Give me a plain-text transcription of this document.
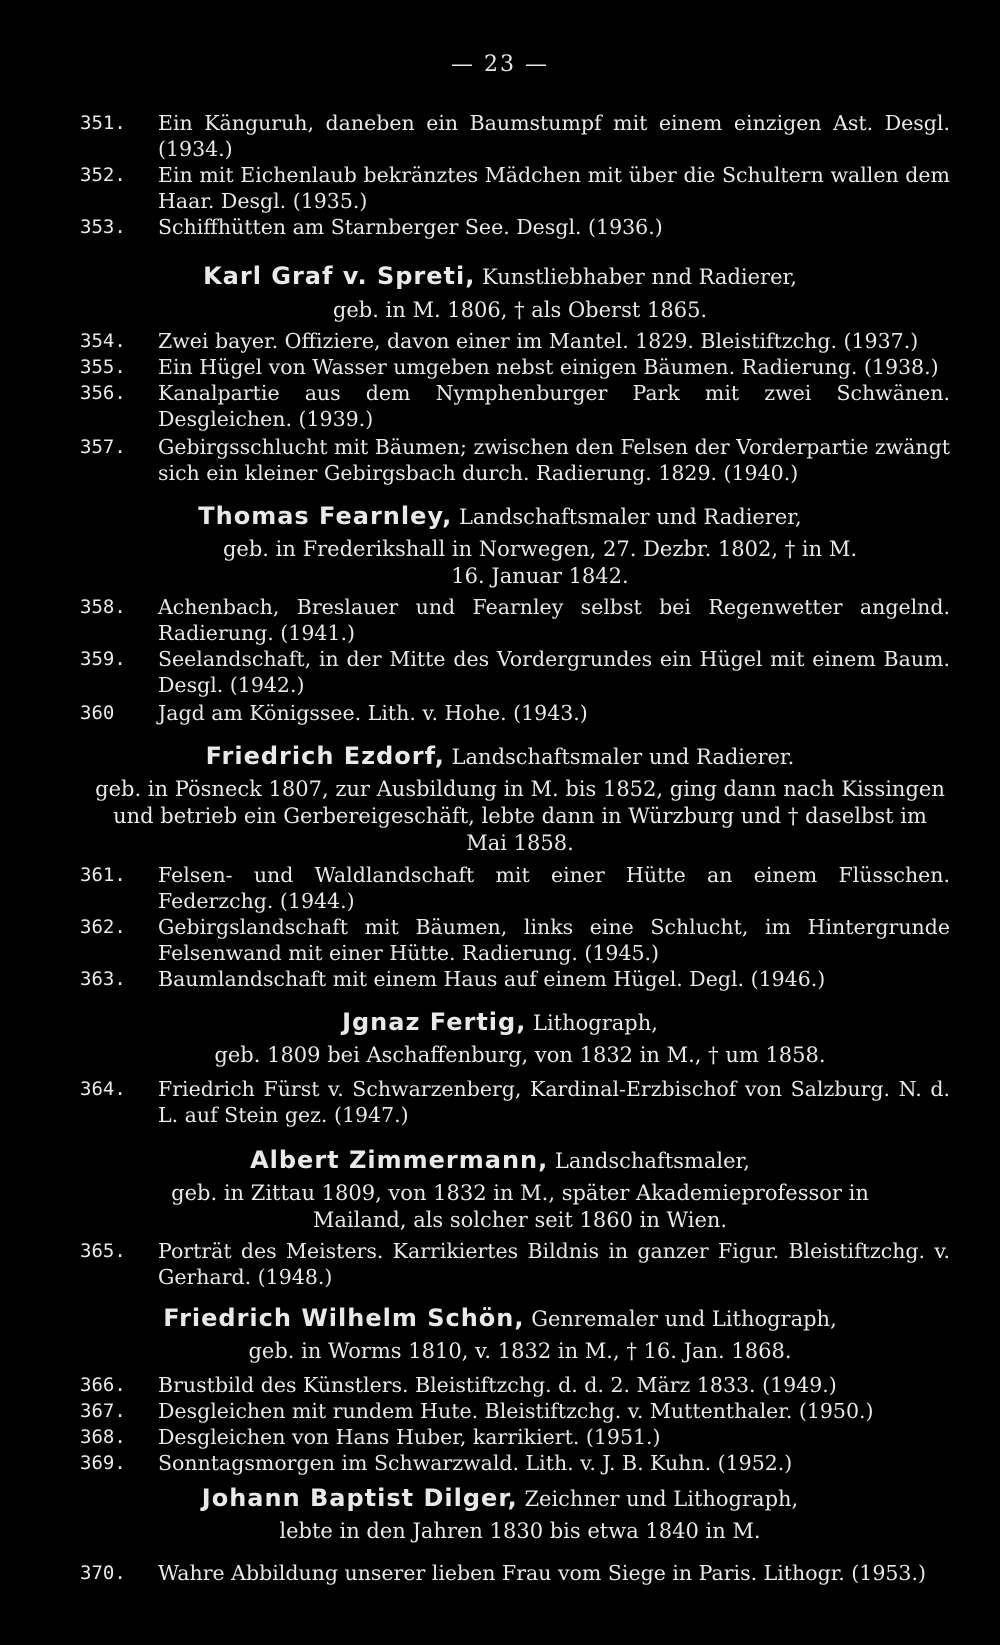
— 23 —
351.	Ein Känguruh, daneben ein Baumstumpf mit einem einzigen Ast. Desgl. (1934.)
352.	Ein mit Eichenlaub bekränztes Mädchen mit über die Schultern wallen dem Haar. Desgl. (1935.)
353.	Schiffhütten am Starnberger See. Desgl. (1936.)
Karl Graf v. Spreti, Kunstliebhaber nnd Radierer,
geb. in M. 1806, † als Oberst 1865.
354.	Zwei bayer. Offiziere, davon einer im Mantel. 1829. Bleistiftzchg. (1937.)
355.	Ein Hügel von Wasser umgeben nebst einigen Bäumen. Radierung. (1938.)
356.	Kanalpartie aus dem Nymphenburger Park mit zwei Schwänen. Desgleichen. (1939.)
357.	Gebirgsschlucht mit Bäumen; zwischen den Felsen der Vorderpartie zwängt sich ein kleiner Gebirgsbach durch. Radierung. 1829. (1940.)
Thomas Fearnley, Landschaftsmaler und Radierer,
geb. in Frederikshall in Norwegen, 27. Dezbr. 1802, † in M. 16. Januar 1842.
358.	Achenbach, Breslauer und Fearnley selbst bei Regenwetter angelnd. Radierung. (1941.)
359.	Seelandschaft, in der Mitte des Vordergrundes ein Hügel mit einem Baum. Desgl. (1942.)
360	Jagd am Königssee. Lith. v. Hohe. (1943.)
Friedrich Ezdorf, Landschaftsmaler und Radierer.
geb. in Pösneck 1807, zur Ausbildung in M. bis 1852, ging dann nach Kissingen und betrieb ein Gerbereigeschäft, lebte dann in Würzburg und † daselbst im Mai 1858.
361.	Felsen- und Waldlandschaft mit einer Hütte an einem Flüsschen. Federzchg. (1944.)
362.	Gebirgslandschaft mit Bäumen, links eine Schlucht, im Hintergrunde Felsenwand mit einer Hütte. Radierung. (1945.)
363.	Baumlandschaft mit einem Haus auf einem Hügel. Degl. (1946.)
Jgnaz Fertig, Lithograph,
geb. 1809 bei Aschaffenburg, von 1832 in M., † um 1858.
364.	Friedrich Fürst v. Schwarzenberg, Kardinal-Erzbischof von Salzburg. N. d. L. auf Stein gez. (1947.)
Albert Zimmermann, Landschaftsmaler,
geb. in Zittau 1809, von 1832 in M., später Akademieprofessor in Mailand, als solcher seit 1860 in Wien.
365.	Porträt des Meisters. Karrikiertes Bildnis in ganzer Figur. Bleistiftzchg. v. Gerhard. (1948.)
Friedrich Wilhelm Schön, Genremaler und Lithograph,
geb. in Worms 1810, v. 1832 in M., † 16. Jan. 1868.
366.	Brustbild des Künstlers. Bleistiftzchg. d. d. 2. März 1833. (1949.)
367.	Desgleichen mit rundem Hute. Bleistiftzchg. v. Muttenthaler. (1950.)
368.	Desgleichen von Hans Huber, karrikiert. (1951.)
369.	Sonntagsmorgen im Schwarzwald. Lith. v. J. B. Kuhn. (1952.)
Johann Baptist Dilger, Zeichner und Lithograph,
lebte in den Jahren 1830 bis etwa 1840 in M.
370.	Wahre Abbildung unserer lieben Frau vom Siege in Paris. Lithogr. (1953.)
